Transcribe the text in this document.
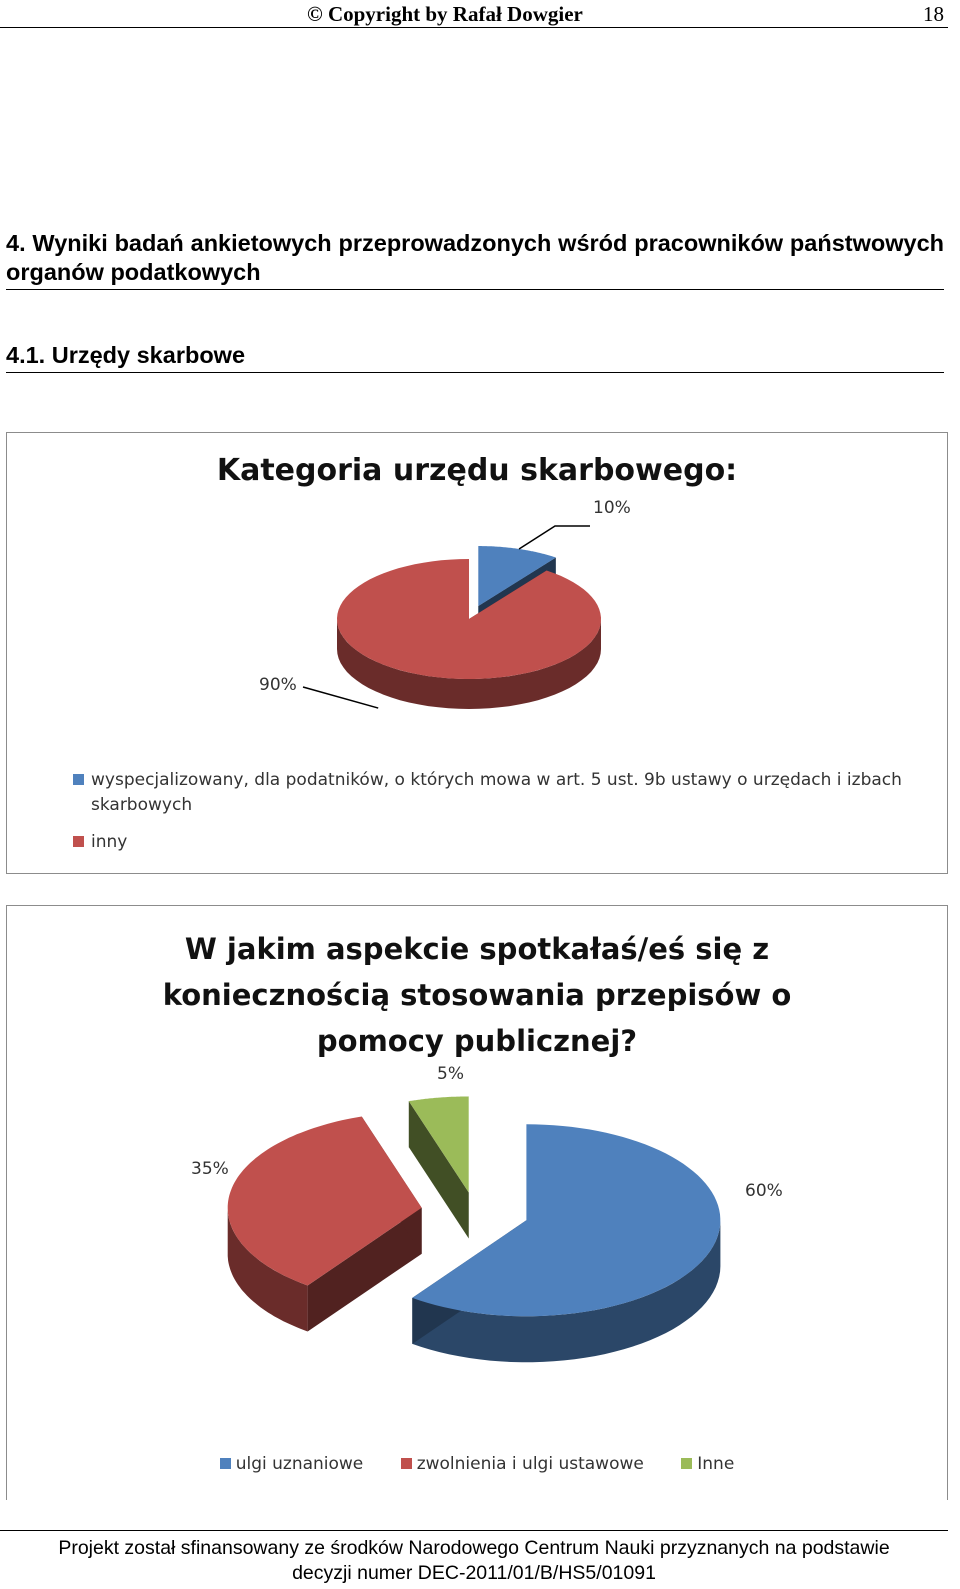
© Copyright by Rafał Dowgier	18
4. Wyniki badań ankietowych przeprowadzonych wśród pracowników państwowych organów podatkowych
4.1. Urzędy skarbowe
10%
90%
Kategoria urzędu skarbowego:
wyspecjalizowany, dla podatników, o których mowa w art. 5 ust. 9b ustawy o urzędach i izbach skarbowych
inny
60%
35%
5%
W jakim aspekcie spotkałaś/eś się z koniecznością stosowania przepisów o pomocy publicznej?
ulgi uznaniowe	zwolnienia i ulgi ustawowe	Inne
Projekt został sfinansowany ze środków Narodowego Centrum Nauki przyznanych na podstawie
decyzji numer DEC-2011/01/B/HS5/01091
